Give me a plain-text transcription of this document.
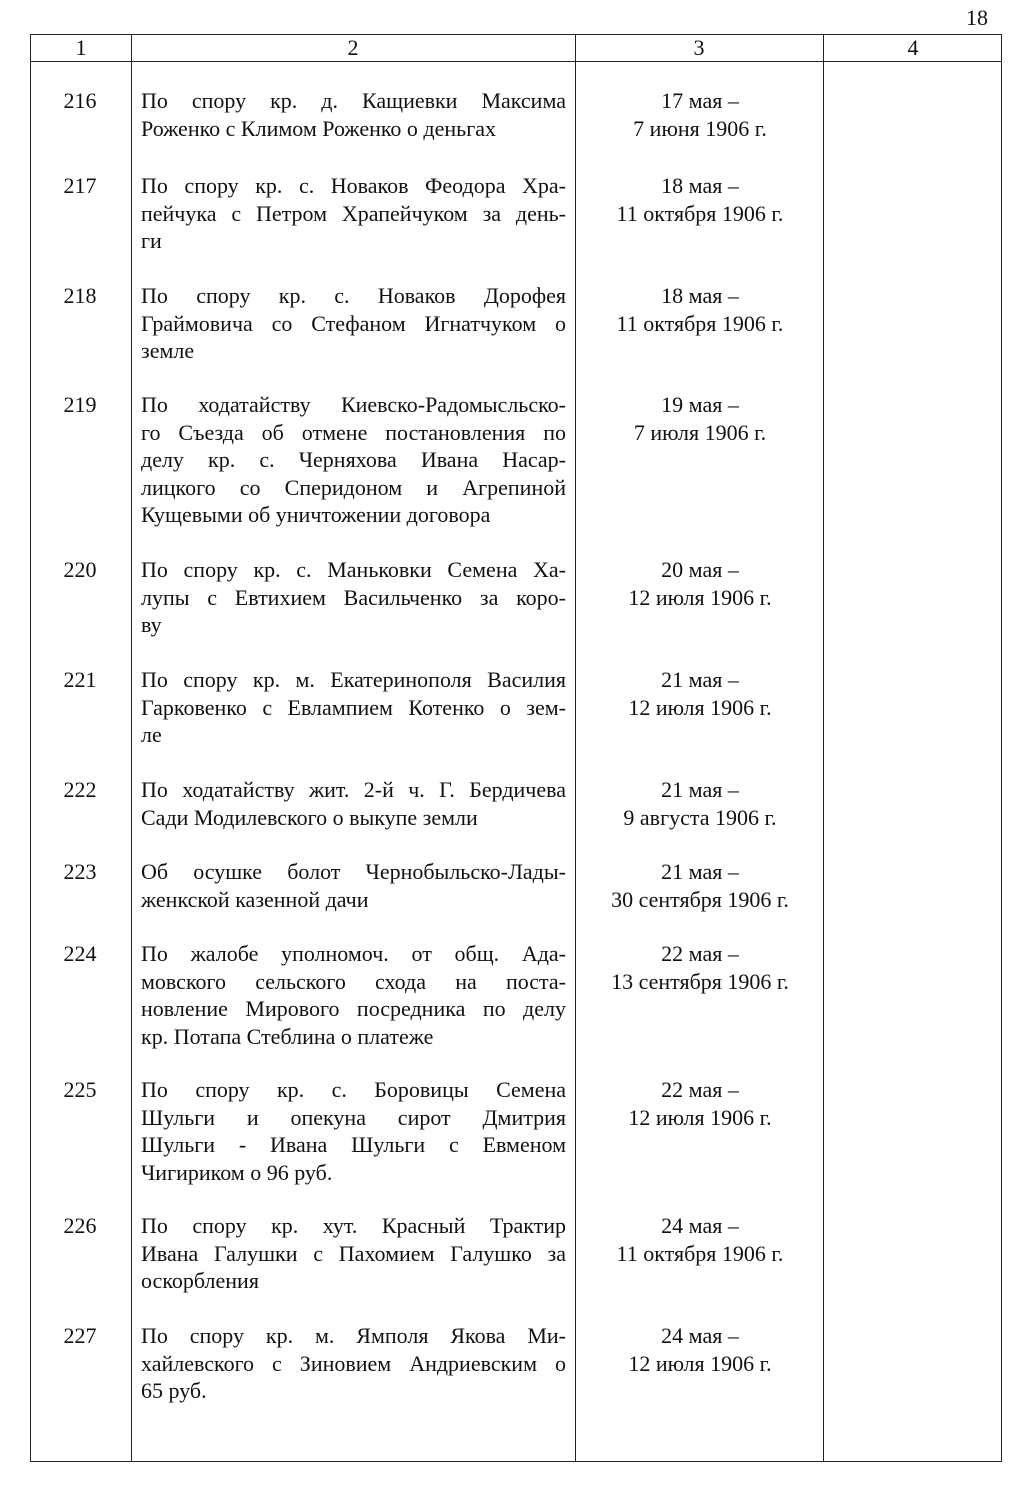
18
1	2	3	4
216	По спору кр. д. Кащиевки Максима
Роженко с Климом Роженко о деньгах
17 мая –
7 июня 1906 г.
217	По спору кр. с. Новаков Феодора Хра-
пейчука с Петром Храпейчуком за день-
ги
18 мая –
11 октября 1906 г.
218	По спору кр. с. Новаков Дорофея
Граймовича со Стефаном Игнатчуком о
земле
18 мая –
11 октября 1906 г.
219	По ходатайству Киевско-Радомысльско-
го Съезда об отмене постановления по
делу кр. с. Черняхова Ивана Насар-
лицкого со Сперидоном и Агрепиной
Кущевыми об уничтожении договора
19 мая –
7 июля 1906 г.
220	По спору кр. с. Маньковки Семена Ха-
лупы с Евтихием Васильченко за коро-
ву
20 мая –
12 июля 1906 г.
221	По спору кр. м. Екатеринополя Василия
Гарковенко с Евлампием Котенко о зем-
ле
21 мая –
12 июля 1906 г.
222	По ходатайству жит. 2-й ч. Г. Бердичева
Сади Модилевского о выкупе земли
21 мая –
9 августа 1906 г.
223	Об осушке болот Чернобыльско-Лады-
женкской казенной дачи
21 мая –
30 сентября 1906 г.
224	По жалобе уполномоч. от общ. Ада-
мовского сельского схода на поста-
новление Мирового посредника по делу
кр. Потапа Стеблина о платеже
22 мая –
13 сентября 1906 г.
225	По спору кр. с. Боровицы Семена
Шульги и опекуна сирот Дмитрия
Шульги - Ивана Шульги с Евменом
Чигириком о 96 руб.
22 мая –
12 июля 1906 г.
226	По спору кр. хут. Красный Трактир
Ивана Галушки с Пахомием Галушко за
оскорбления
24 мая –
11 октября 1906 г.
227	По спору кр. м. Ямполя Якова Ми-
хайлевского с Зиновием Андриевским о
65 руб.
24 мая –
12 июля 1906 г.
